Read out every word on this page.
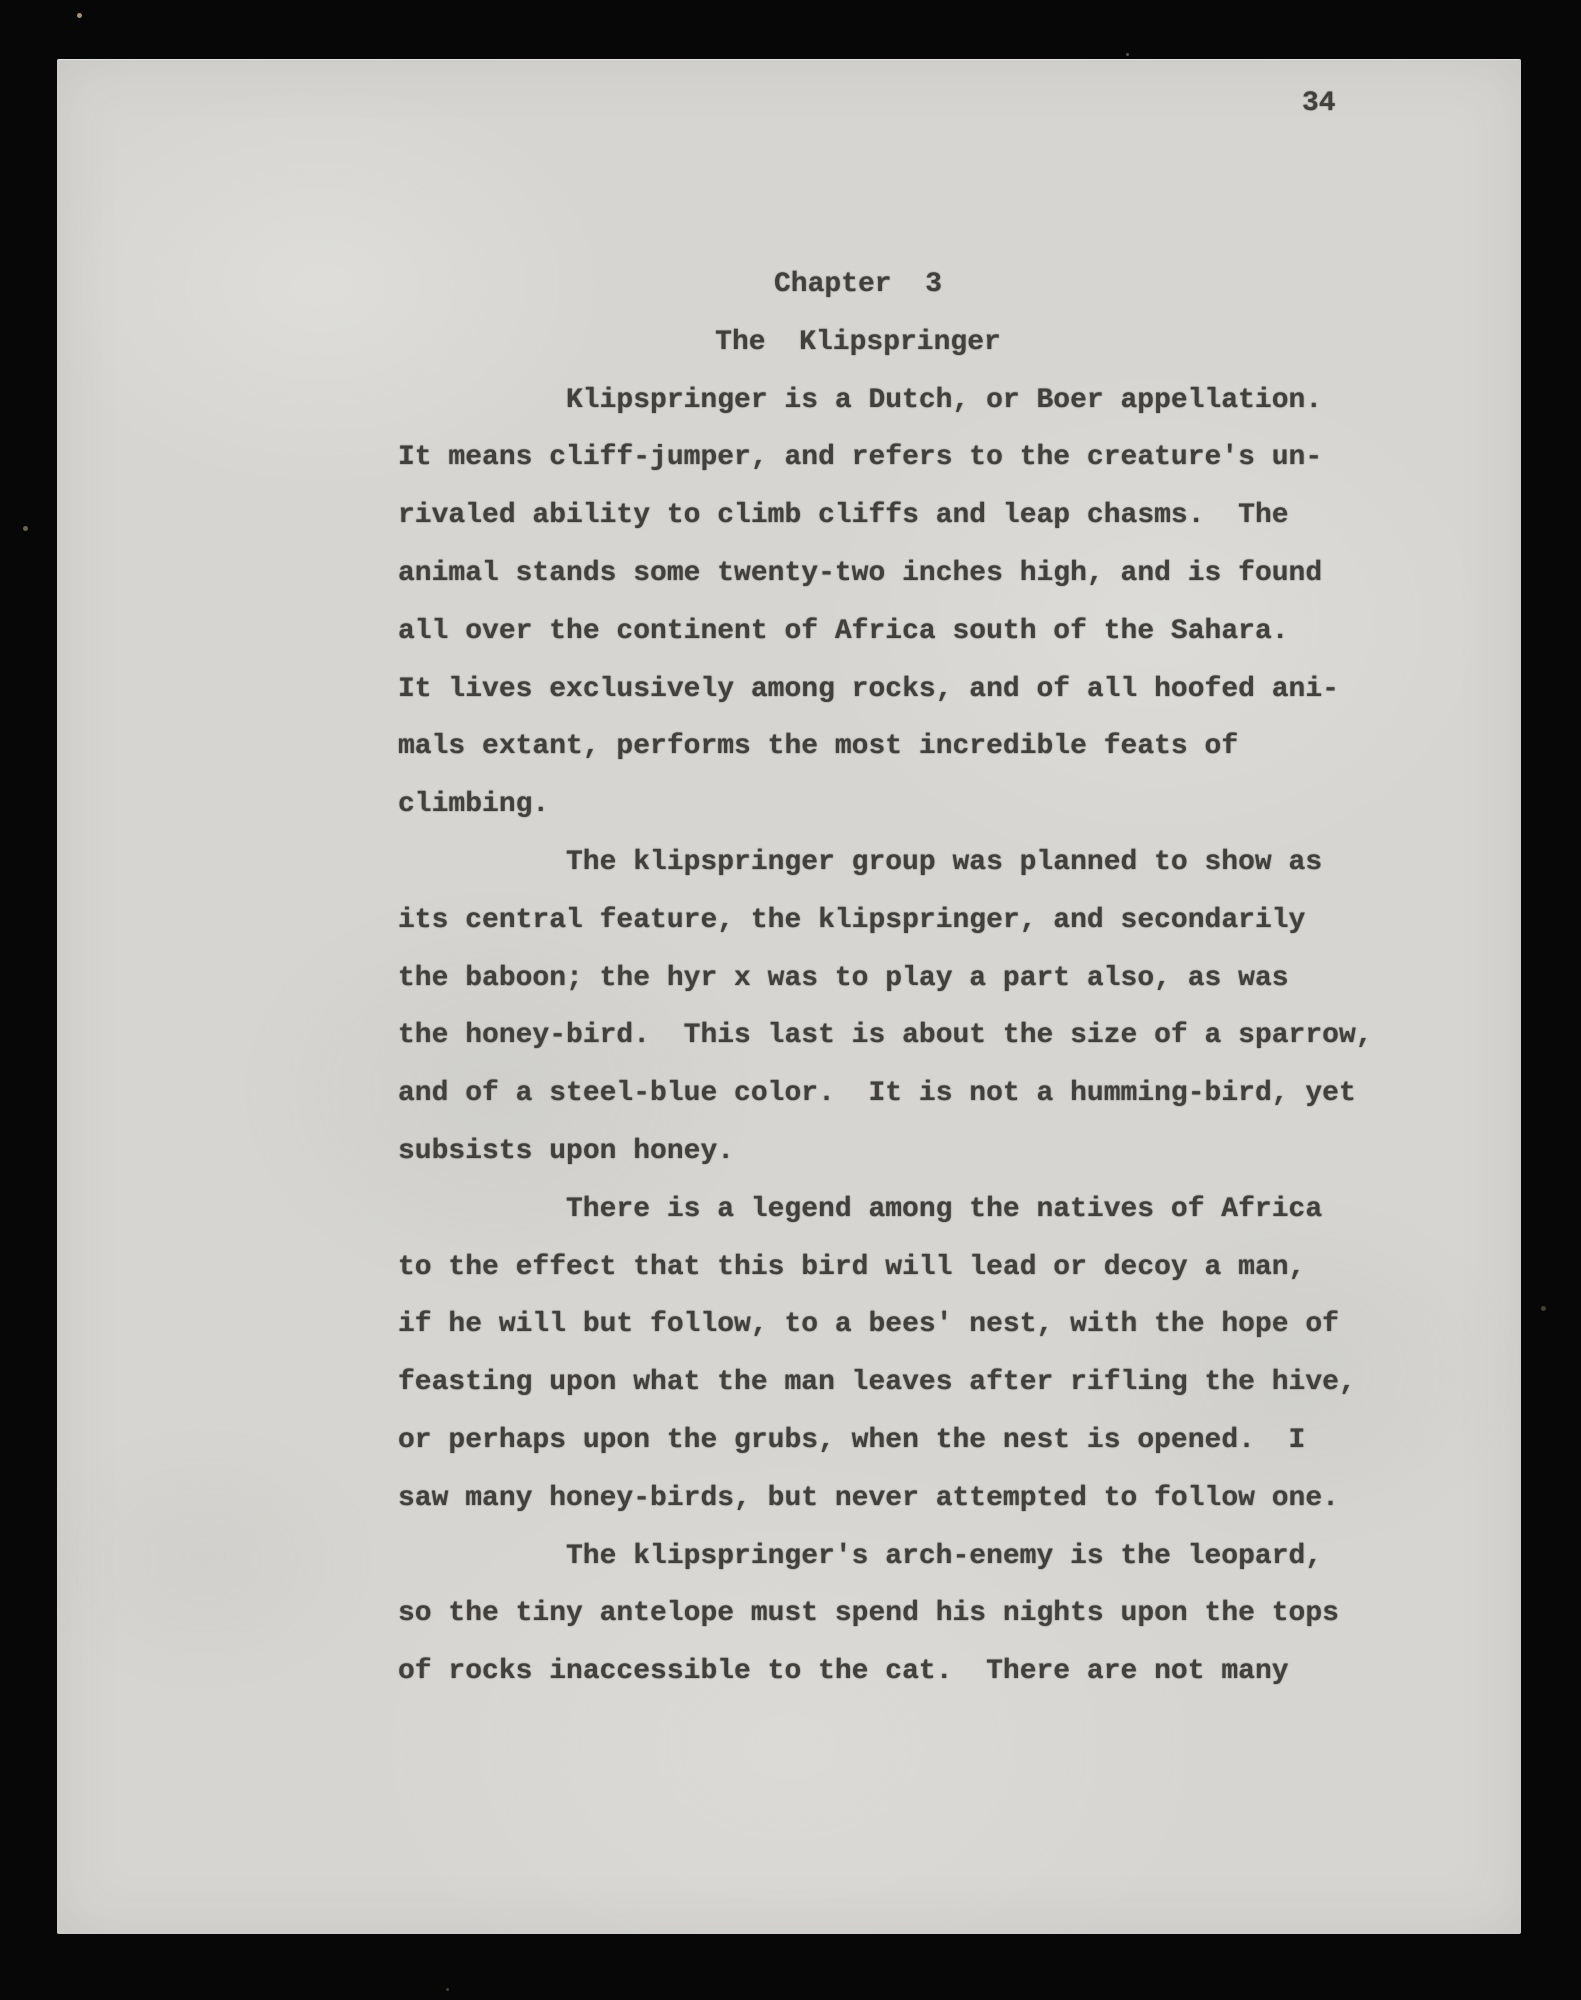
34
Chapter  3
The  Klipspringer
Klipspringer is a Dutch, or Boer appellation.
It means cliff-jumper, and refers to the creature's un-
rivaled ability to climb cliffs and leap chasms.  The
animal stands some twenty-two inches high, and is found
all over the continent of Africa south of the Sahara.
It lives exclusively among rocks, and of all hoofed ani-
mals extant, performs the most incredible feats of
climbing.
The klipspringer group was planned to show as
its central feature, the klipspringer, and secondarily
the baboon; the hyr x was to play a part also, as was
the honey-bird.  This last is about the size of a sparrow,
and of a steel-blue color.  It is not a humming-bird, yet
subsists upon honey.
There is a legend among the natives of Africa
to the effect that this bird will lead or decoy a man,
if he will but follow, to a bees' nest, with the hope of
feasting upon what the man leaves after rifling the hive,
or perhaps upon the grubs, when the nest is opened.  I
saw many honey-birds, but never attempted to follow one.
The klipspringer's arch-enemy is the leopard,
so the tiny antelope must spend his nights upon the tops
of rocks inaccessible to the cat.  There are not many
